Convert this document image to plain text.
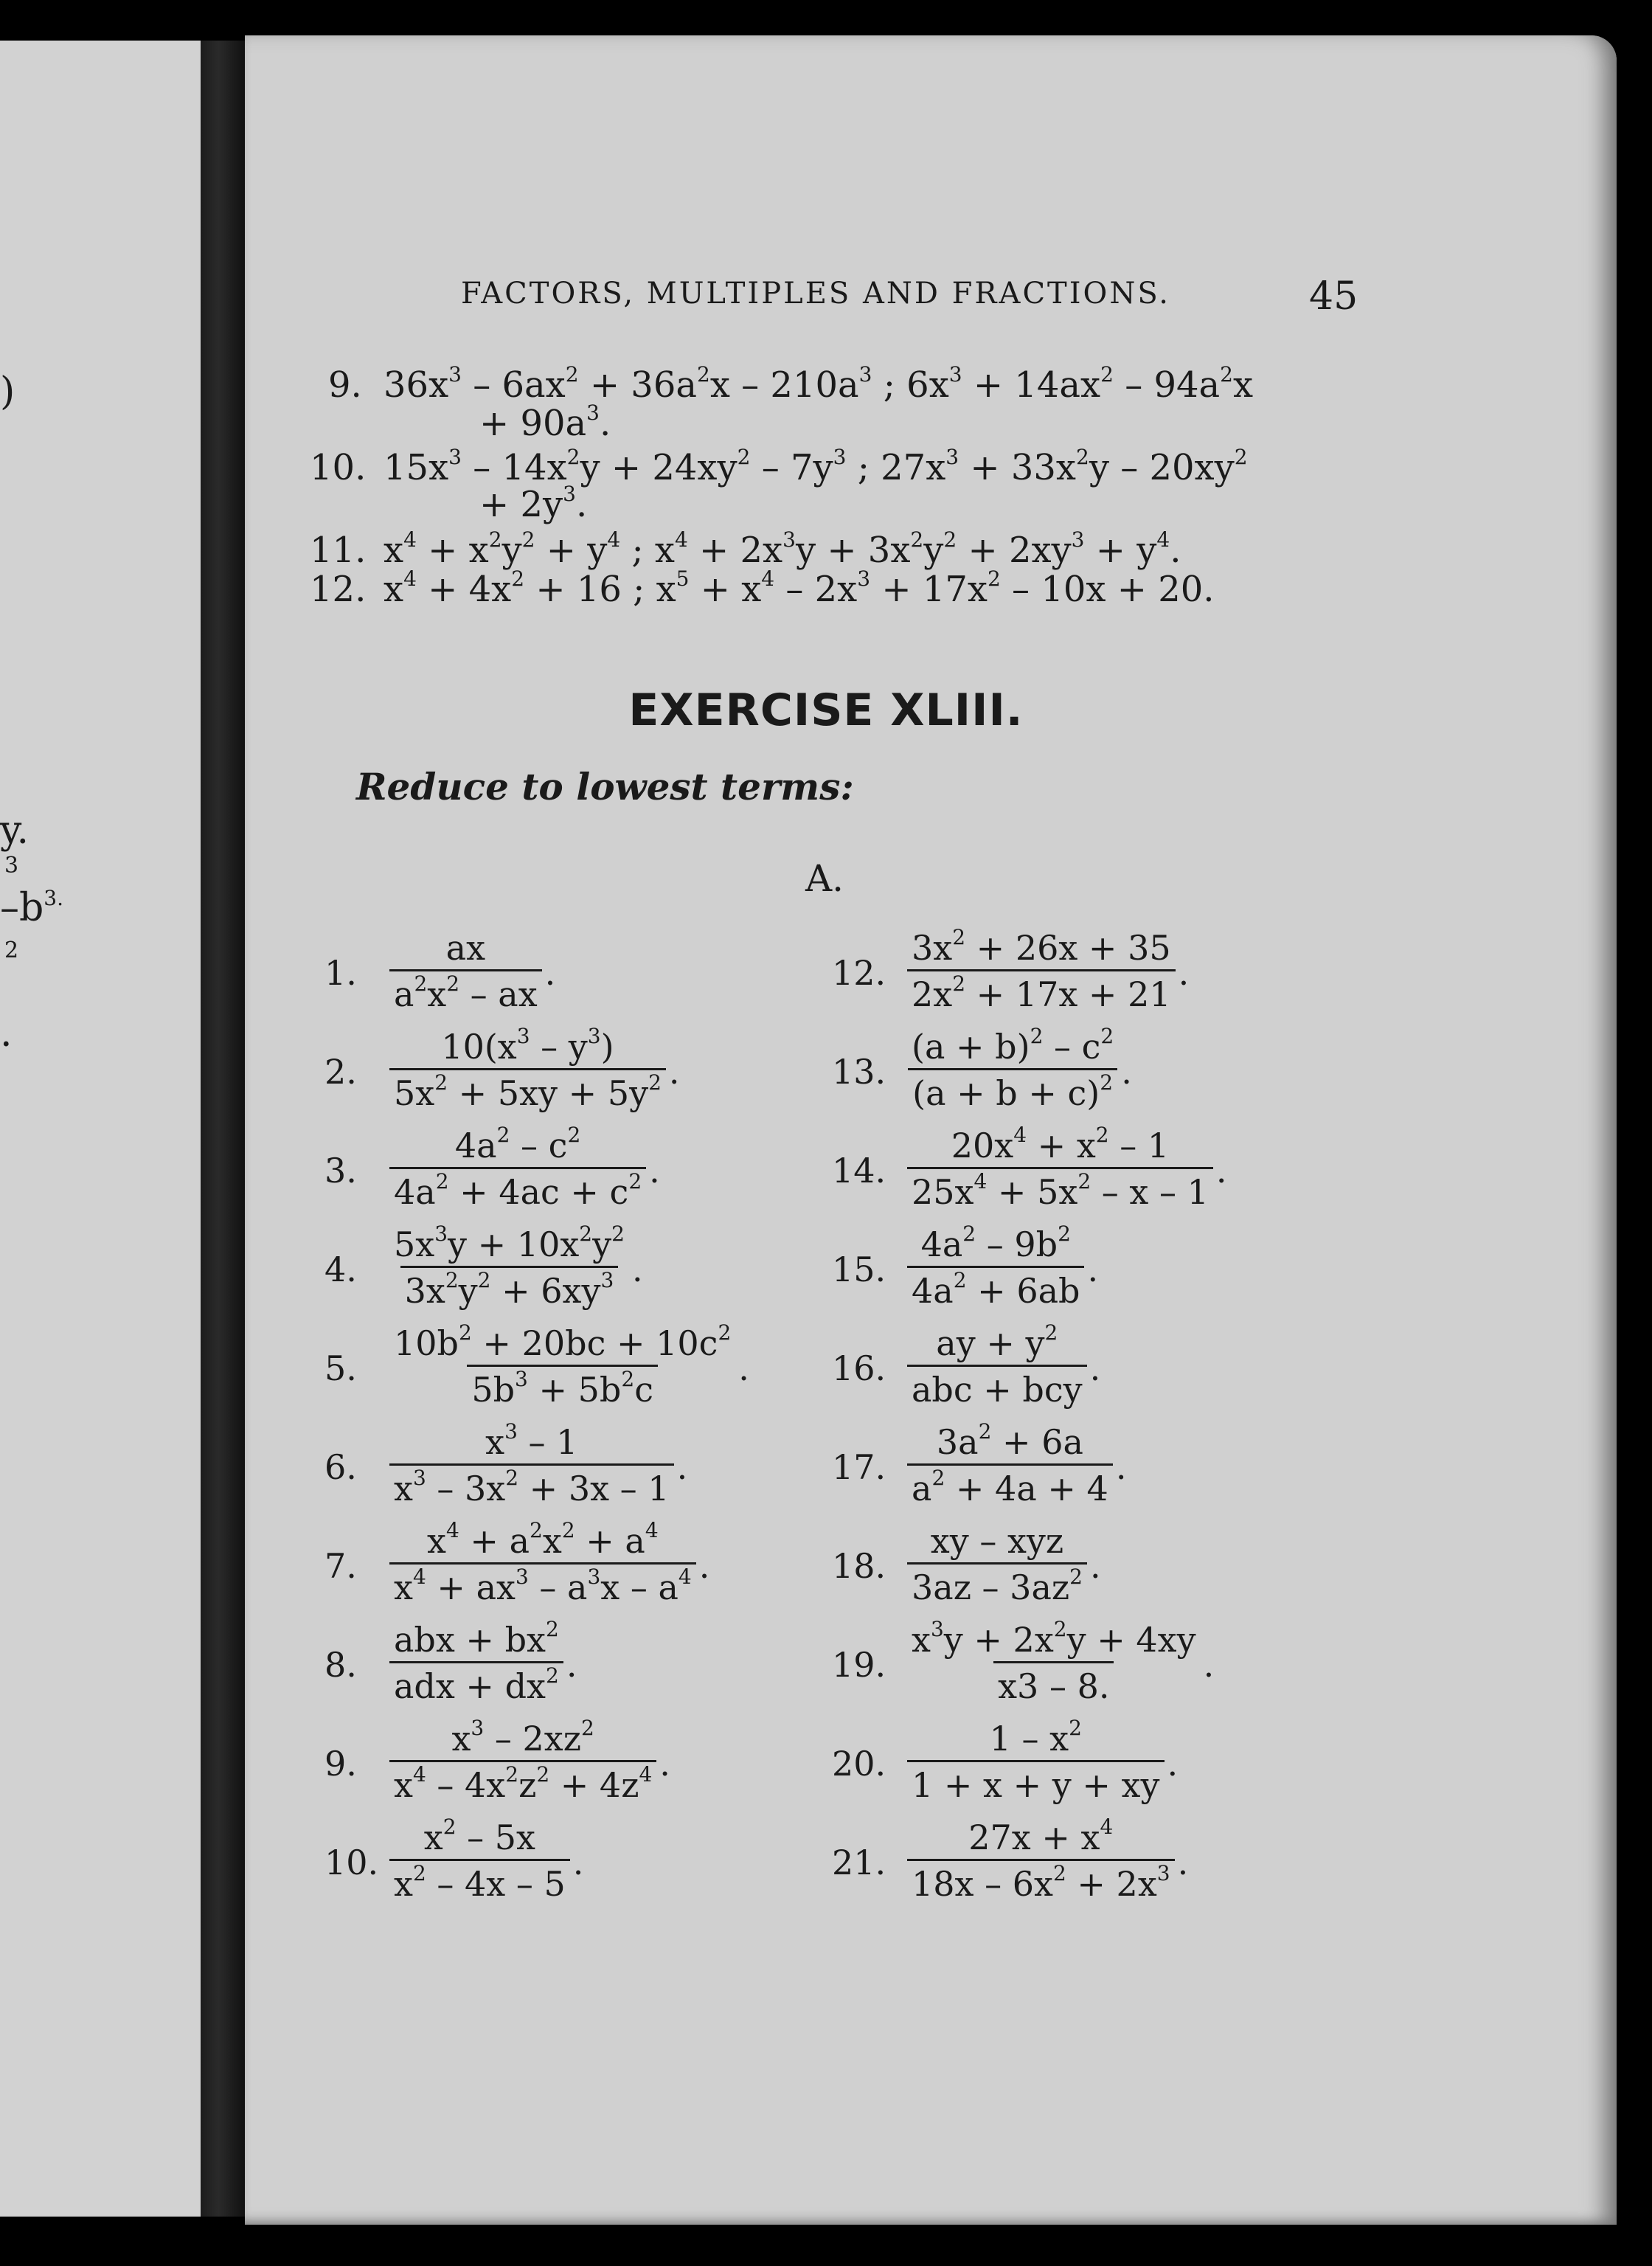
)
y.
3
$-b^{3.}$
2
.
FACTORS, MULTIPLES AND FRACTIONS.	45
9. $36x^3 - 6ax^2 + 36a^2x - 210a^3$ ; $6x^3 + 14ax^2 - 94a^2x$
+ $90a^3$.
10. $15x^3 - 14x^2y + 24xy^2 - 7y^3$ ; $27x^3 + 33x^2y - 20xy^2$
+ $2y^3$.
11. $x^4 + x^2y^2 + y^4$ ; $x^4 + 2x^3y + 3x^2y^2 + 2xy^3 + y^4$.
12. $x^4 + 4x^2 + 16$ ; $x^5 + x^4 - 2x^3 + 17x^2 - 10x + 20$.
EXERCISE XLIII.
Reduce to lowest terms:
A.
1. $\frac{ax}{a^2x^2 - ax}$ .
2. $\frac{10(x^3 - y^3)}{5x^2 + 5xy + 5y^2}$ .
3. $\frac{4a^2 - c^2}{4a^2 + 4ac + c^2}$ .
4. $\frac{5x^3y + 10x^2y^2}{3x^2y^2 + 6xy^3}$ .
5. $\frac{10b^2 + 20bc + 10c^2}{5b^3 + 5b^2c}$ .
6. $\frac{x^3 - 1}{x^3 - 3x^2 + 3x - 1}$ .
7. $\frac{x^4 + a^2x^2 + a^4}{x^4 + ax^3 - a^3x - a^4}$ .
8. $\frac{abx + bx^2}{adx + dx^2}$ .
9. $\frac{x^3 - 2xz^2}{x^4 - 4x^2z^2 + 4z^4}$ .
10. $\frac{x^2 - 5x}{x^2 - 4x - 5}$ .
12. $\frac{3x^2 + 26x + 35}{2x^2 + 17x + 21}$ .
13. $\frac{(a + b)^2 - c^2}{(a + b + c)^2}$ .
14. $\frac{20x^4 + x^2 - 1}{25x^4 + 5x^2 - x - 1}$ .
15. $\frac{4a^2 - 9b^2}{4a^2 + 6ab}$ .
16. $\frac{ay + y^2}{\text{abc + bcy}}$ .
17. $\frac{3a^2 + 6a}{a^2 + 4a + 4}$ .
18. $\frac{\text{xy – xyz}}{3az - 3az^2}$ .
19. $\frac{x^3y + 2x^2y + 4xy}{x3 - 8.}$ .
20. $\frac{1 - x^2}{1 + x + y + xy}$ .
21. $\frac{27x + x^4}{18x - 6x^2 + 2x^3}$ .
